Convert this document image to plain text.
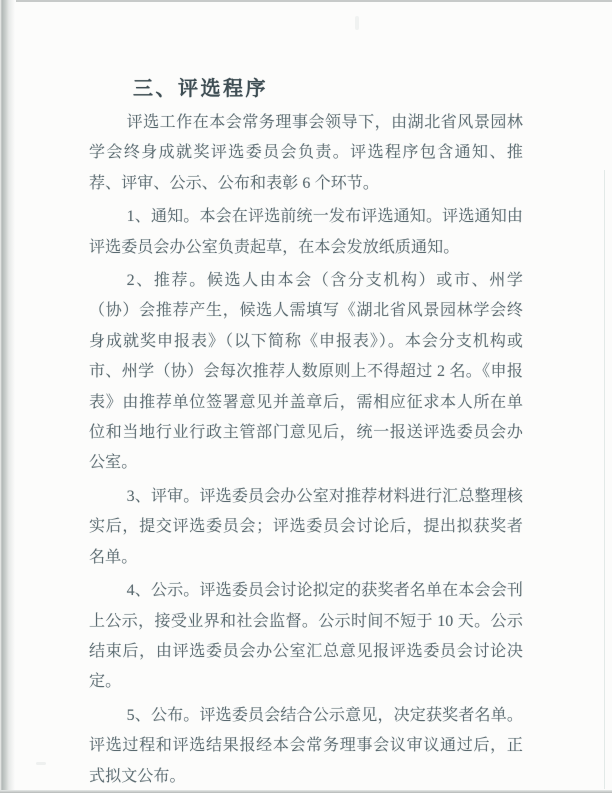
三、评选程序

评选工作在本会常务理事会领导下，由湖北省风景园林学会终身成就奖评选委员会负责。评选程序包含通知、推荐、评审、公示、公布和表彰 6 个环节。

1、通知。本会在评选前统一发布评选通知。评选通知由评选委员会办公室负责起草，在本会发放纸质通知。

2、推荐。候选人由本会（含分支机构）或市、州学（协）会推荐产生，候选人需填写《湖北省风景园林学会终身成就奖申报表》（以下简称《申报表》）。本会分支机构或市、州学（协）会每次推荐人数原则上不得超过 2 名。《申报表》由推荐单位签署意见并盖章后，需相应征求本人所在单位和当地行业行政主管部门意见后，统一报送评选委员会办公室。

3、评审。评选委员会办公室对推荐材料进行汇总整理核实后，提交评选委员会；评选委员会讨论后，提出拟获奖者名单。

4、公示。评选委员会讨论拟定的获奖者名单在本会会刊上公示，接受业界和社会监督。公示时间不短于 10 天。公示结束后，由评选委员会办公室汇总意见报评选委员会讨论决定。

5、公布。评选委员会结合公示意见，决定获奖者名单。评选过程和评选结果报经本会常务理事会议审议通过后，正式拟文公布。
